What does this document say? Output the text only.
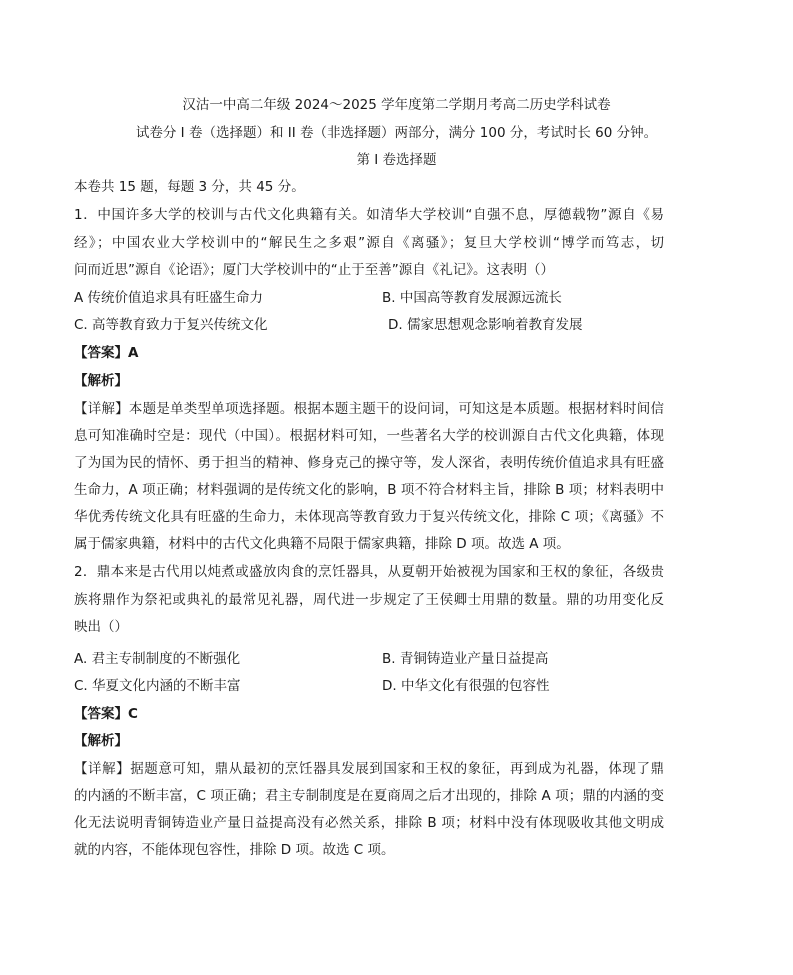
汉沽一中高二年级 2024～2025 学年度第二学期月考高二历史学科试卷
试卷分 I 卷（选择题）和 II 卷（非选择题）两部分，满分 100 分，考试时长 60 分钟。
第 I 卷选择题
本卷共 15 题，每题 3 分，共 45 分。
1．中国许多大学的校训与古代文化典籍有关。如清华大学校训“自强不息，厚德载物”源自《易
经》；中国农业大学校训中的“解民生之多艰”源自《离骚》；复旦大学校训“博学而笃志，切
问而近思”源自《论语》；厦门大学校训中的“止于至善”源自《礼记》。这表明（）
A 传统价值追求具有旺盛生命力	B. 中国高等教育发展源远流长
C. 高等教育致力于复兴传统文化	D. 儒家思想观念影响着教育发展
【答案】A
【解析】
【详解】本题是单类型单项选择题。根据本题主题干的设问词，可知这是本质题。根据材料时间信
息可知准确时空是：现代（中国）。根据材料可知，一些著名大学的校训源自古代文化典籍，体现
了为国为民的情怀、勇于担当的精神、修身克己的操守等，发人深省，表明传统价值追求具有旺盛
生命力，A 项正确；材料强调的是传统文化的影响，B 项不符合材料主旨，排除 B 项；材料表明中
华优秀传统文化具有旺盛的生命力，未体现高等教育致力于复兴传统文化，排除 C 项；《离骚》不
属于儒家典籍，材料中的古代文化典籍不局限于儒家典籍，排除 D 项。故选 A 项。
2．鼎本来是古代用以炖煮或盛放肉食的烹饪器具，从夏朝开始被视为国家和王权的象征，各级贵
族将鼎作为祭祀或典礼的最常见礼器，周代进一步规定了王侯卿士用鼎的数量。鼎的功用变化反
映出（）
A. 君主专制制度的不断强化	B. 青铜铸造业产量日益提高
C. 华夏文化内涵的不断丰富	D. 中华文化有很强的包容性
【答案】C
【解析】
【详解】据题意可知，鼎从最初的烹饪器具发展到国家和王权的象征，再到成为礼器，体现了鼎
的内涵的不断丰富，C 项正确；君主专制制度是在夏商周之后才出现的，排除 A 项；鼎的内涵的变
化无法说明青铜铸造业产量日益提高没有必然关系，排除 B 项；材料中没有体现吸收其他文明成
就的内容，不能体现包容性，排除 D 项。故选 C 项。
